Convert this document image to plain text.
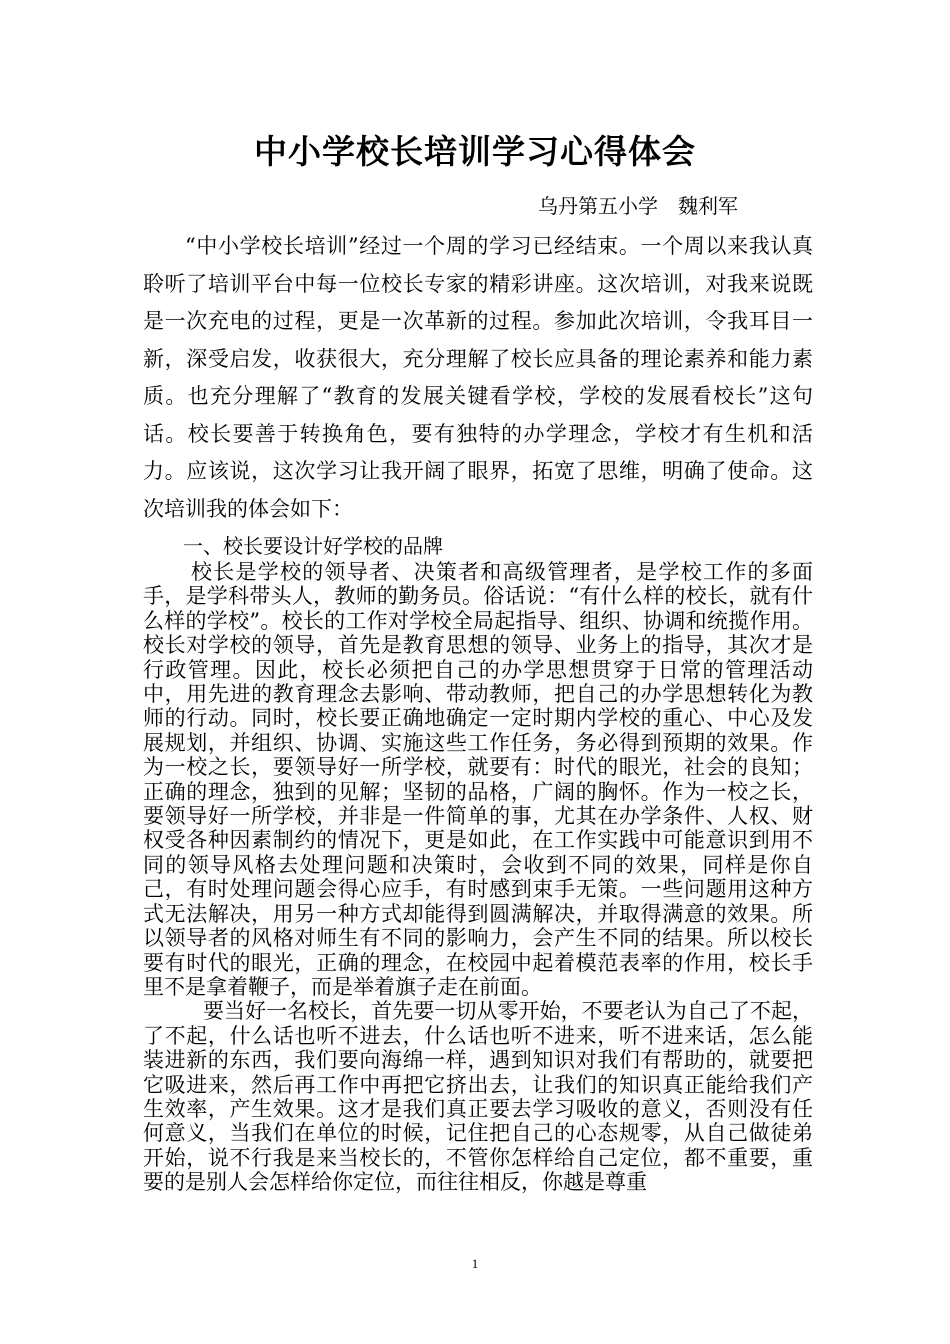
中小学校长培训学习心得体会
乌丹第五小学　魏利军

“中小学校长培训”经过一个周的学习已经结束。一个周以来我认真聆听了培训平台中每一位校长专家的精彩讲座。这次培训，对我来说既是一次充电的过程，更是一次革新的过程。参加此次培训，令我耳目一新，深受启发，收获很大，充分理解了校长应具备的理论素养和能力素质。也充分理解了“教育的发展关键看学校，学校的发展看校长”这句话。校长要善于转换角色，要有独特的办学理念，学校才有生机和活力。应该说，这次学习让我开阔了眼界，拓宽了思维，明确了使命。这次培训我的体会如下：

一、校长要设计好学校的品牌

校长是学校的领导者、决策者和高级管理者，是学校工作的多面手，是学科带头人，教师的勤务员。俗话说：“有什么样的校长，就有什么样的学校”。校长的工作对学校全局起指导、组织、协调和统揽作用。校长对学校的领导，首先是教育思想的领导、业务上的指导，其次才是行政管理。因此，校长必须把自己的办学思想贯穿于日常的管理活动中，用先进的教育理念去影响、带动教师，把自己的办学思想转化为教师的行动。同时，校长要正确地确定一定时期内学校的重心、中心及发展规划，并组织、协调、实施这些工作任务，务必得到预期的效果。作为一校之长，要领导好一所学校，就要有：时代的眼光，社会的良知；正确的理念，独到的见解；坚韧的品格，广阔的胸怀。作为一校之长，要领导好一所学校，并非是一件简单的事，尤其在办学条件、人权、财权受各种因素制约的情况下，更是如此，在工作实践中可能意识到用不同的领导风格去处理问题和决策时，会收到不同的效果，同样是你自己，有时处理问题会得心应手，有时感到束手无策。一些问题用这种方式无法解决，用另一种方式却能得到圆满解决，并取得满意的效果。所以领导者的风格对师生有不同的影响力，会产生不同的结果。所以校长要有时代的眼光，正确的理念，在校园中起着模范表率的作用，校长手里不是拿着鞭子，而是举着旗子走在前面。

要当好一名校长，首先要一切从零开始，不要老认为自己了不起，了不起，什么话也听不进去，什么话也听不进来，听不进来话，怎么能装进新的东西，我们要向海绵一样，遇到知识对我们有帮助的，就要把它吸进来，然后再工作中再把它挤出去，让我们的知识真正能给我们产生效率，产生效果。这才是我们真正要去学习吸收的意义，否则没有任何意义，当我们在单位的时候，记住把自己的心态规零，从自己做徒弟开始，说不行我是来当校长的，不管你怎样给自己定位，都不重要，重要的是别人会怎样给你定位，而往往相反，你越是尊重

1
